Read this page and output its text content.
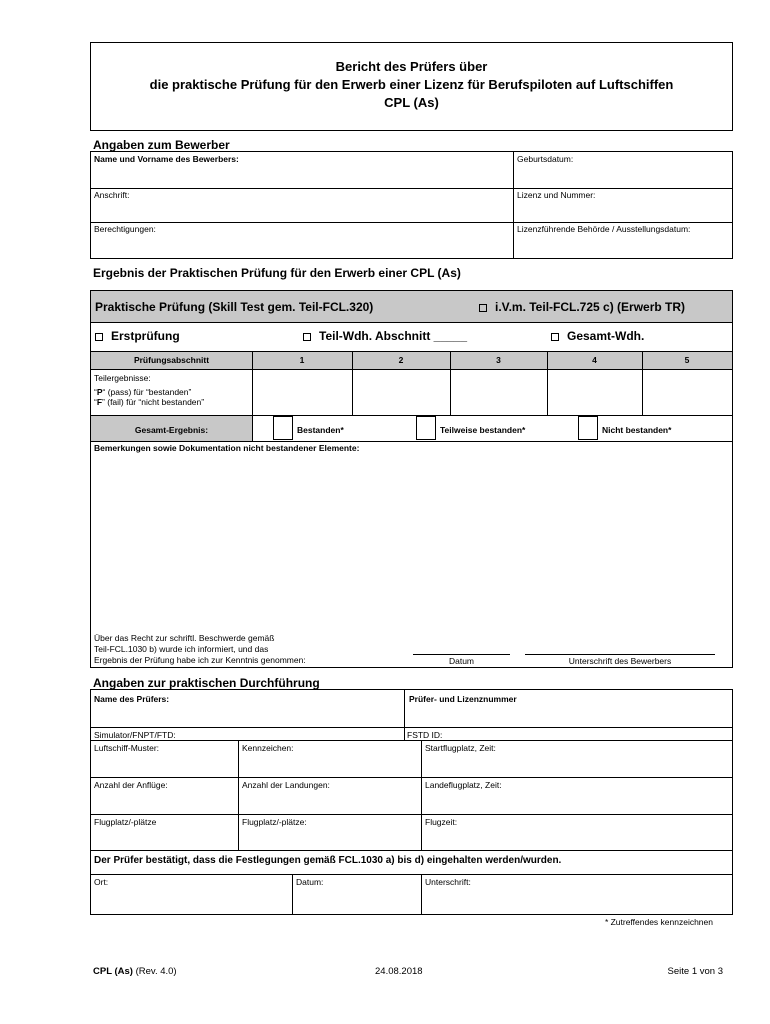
Bericht des Prüfers über
die praktische Prüfung für den Erwerb einer Lizenz für Berufspiloten auf Luftschiffen
CPL (As)
Angaben zum Bewerber
Name und Vorname des Bewerbers:	Geburtsdatum:
Anschrift:	Lizenz und Nummer:
Berechtigungen:	Lizenzführende Behörde / Ausstellungsdatum:
Ergebnis der Praktischen Prüfung für den Erwerb einer CPL (As)
Praktische Prüfung (Skill Test gem. Teil-FCL.320)	i.V.m. Teil-FCL.725 c) (Erwerb TR)
Erstprüfung	Teil-Wdh. Abschnitt _____	Gesamt-Wdh.
Prüfungsabschnitt	1	2	3	4	5
Teilergebnisse:
“P“ (pass) für “bestanden”
“F” (fail) für “nicht bestanden”
Gesamt-Ergebnis:	Bestanden*	Teilweise bestanden*	Nicht bestanden*
Bemerkungen sowie Dokumentation nicht bestandener Elemente:
Über das Recht zur schriftl. Beschwerde gemäß
Teil-FCL.1030 b) wurde ich informiert, und das
Ergebnis der Prüfung habe ich zur Kenntnis genommen:	Datum	Unterschrift des Bewerbers
Angaben zur praktischen Durchführung
Name des Prüfers:	Prüfer- und Lizenznummer
Simulator/FNPT/FTD:	FSTD ID:
Luftschiff-Muster:	Kennzeichen:	Startflugplatz, Zeit:
Anzahl der Anflüge:	Anzahl der Landungen:	Landeflugplatz, Zeit:
Flugplatz/-plätze	Flugplatz/-plätze:	Flugzeit:
Der Prüfer bestätigt, dass die Festlegungen gemäß FCL.1030 a) bis d) eingehalten werden/wurden.
Ort:	Datum:	Unterschrift:
* Zutreffendes kennzeichnen
CPL (As) (Rev. 4.0)	24.08.2018	Seite 1 von 3
